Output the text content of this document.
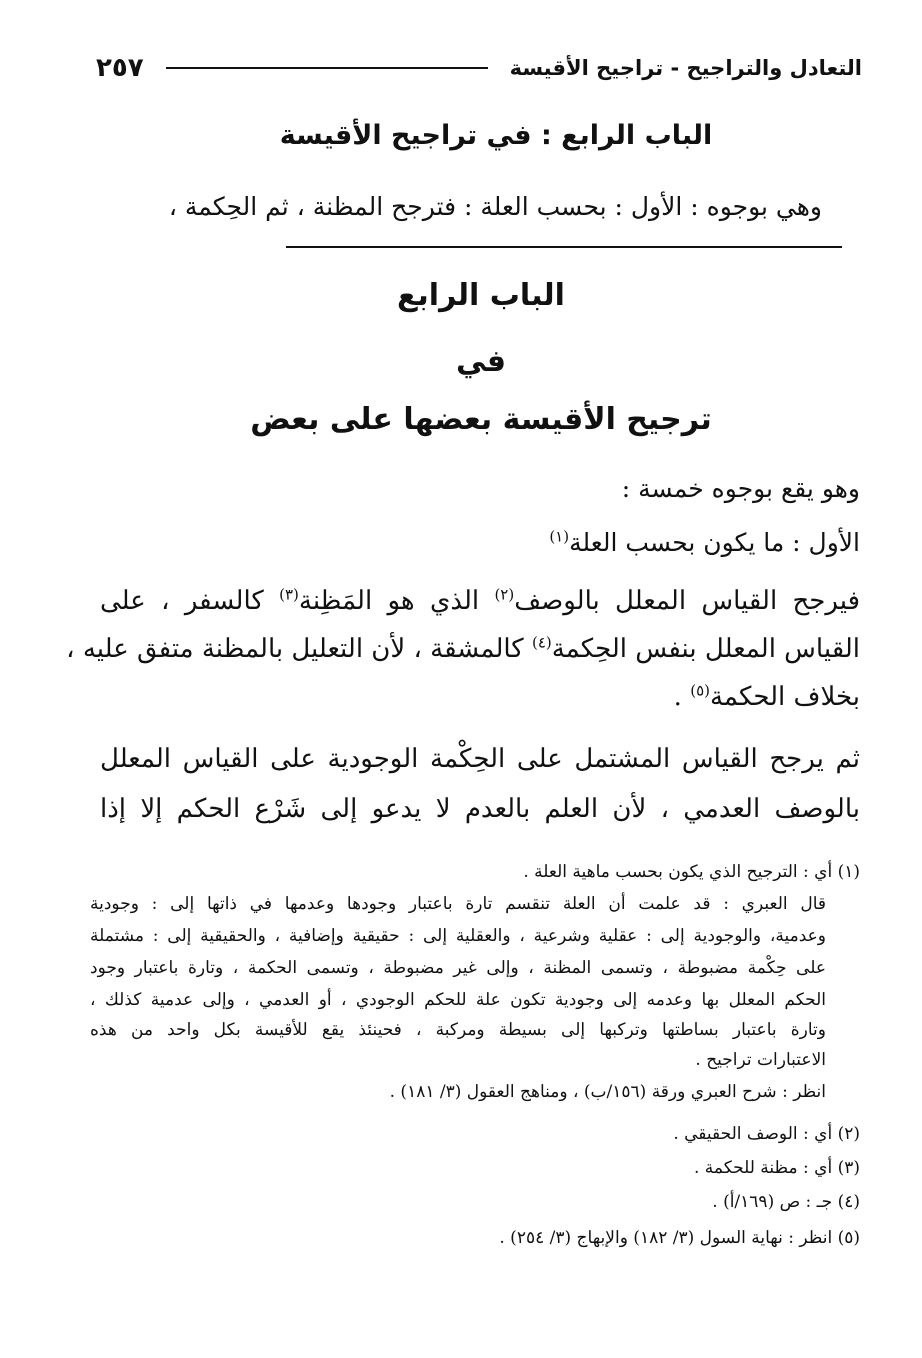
التعادل والتراجيح - تراجيح الأقيسة
٢٥٧
الباب الرابع : في تراجيح الأقيسة
وهي بوجوه : الأول : بحسب العلة : فترجح المظنة ، ثم الحِكمة ،
الباب الرابع
في
ترجيح الأقيسة بعضها على بعض
وهو يقع بوجوه خمسة :
الأول : ما يكون بحسب العلة$^{(١)}$
فيرجح القياس المعلل بالوصف$^{(٢)}$ الذي هو المَظِنة$^{(٣)}$ كالسفر ، على
القياس المعلل بنفس الحِكمة$^{(٤)}$ كالمشقة ، لأن التعليل بالمظنة متفق عليه ،
بخلاف الحكمة$^{(٥)}$ .
ثم يرجح القياس المشتمل على الحِكْمة الوجودية على القياس المعلل
بالوصف العدمي ، لأن العلم بالعدم لا يدعو إلى شَرْع الحكم إلا إذا
(١) أي : الترجيح الذي يكون بحسب ماهية العلة .
قال العبري : قد علمت أن العلة تنقسم تارة باعتبار وجودها وعدمها في ذاتها إلى : وجودية
وعدمية، والوجودية إلى : عقلية وشرعية ، والعقلية إلى : حقيقية وإضافية ، والحقيقية إلى : مشتملة
على حِكْمة مضبوطة ، وتسمى المظنة ، وإلى غير مضبوطة ، وتسمى الحكمة ، وتارة باعتبار وجود
الحكم المعلل بها وعدمه إلى وجودية تكون علة للحكم الوجودي ، أو العدمي ، وإلى عدمية كذلك ،
وتارة باعتبار بساطتها وتركبها إلى بسيطة ومركبة ، فحينئذ يقع للأقيسة بكل واحد من هذه
الاعتبارات تراجيح .
انظر : شرح العبري ورقة (١٥٦/ب) ، ومناهج العقول (٣/ ١٨١) .
(٢) أي : الوصف الحقيقي .
(٣) أي : مظنة للحكمة .
(٤) جـ : ص (١٦٩/أ) .
(٥) انظر : نهاية السول (٣/ ١٨٢) والإبهاج (٣/ ٢٥٤) .
